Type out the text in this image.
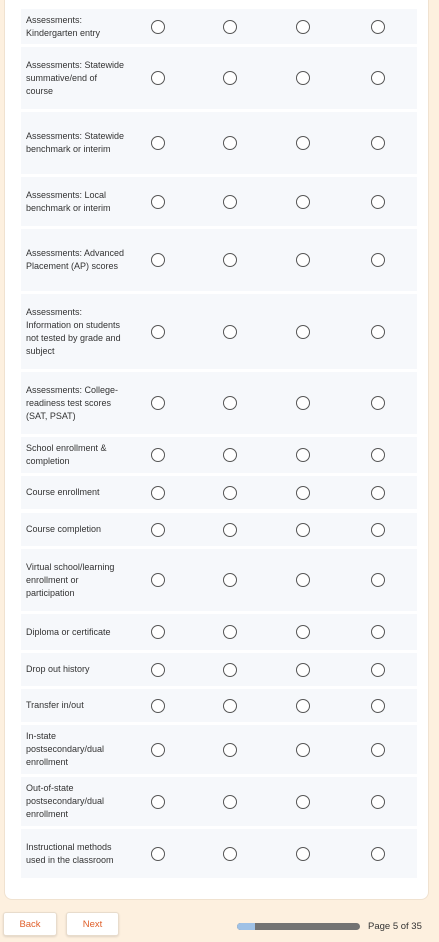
Assessments: Kindergarten entry
Assessments: Statewide summative/end of course
Assessments: Statewide benchmark or interim
Assessments: Local benchmark or interim
Assessments: Advanced Placement (AP) scores
Assessments: Information on students not tested by grade and subject
Assessments: College-readiness test scores (SAT, PSAT)
School enrollment & completion
Course enrollment
Course completion
Virtual school/learning enrollment or participation
Diploma or certificate
Drop out history
Transfer in/out
In-state postsecondary/dual enrollment
Out-of-state postsecondary/dual enrollment
Instructional methods used in the classroom
Back	Next	Page 5 of 35
